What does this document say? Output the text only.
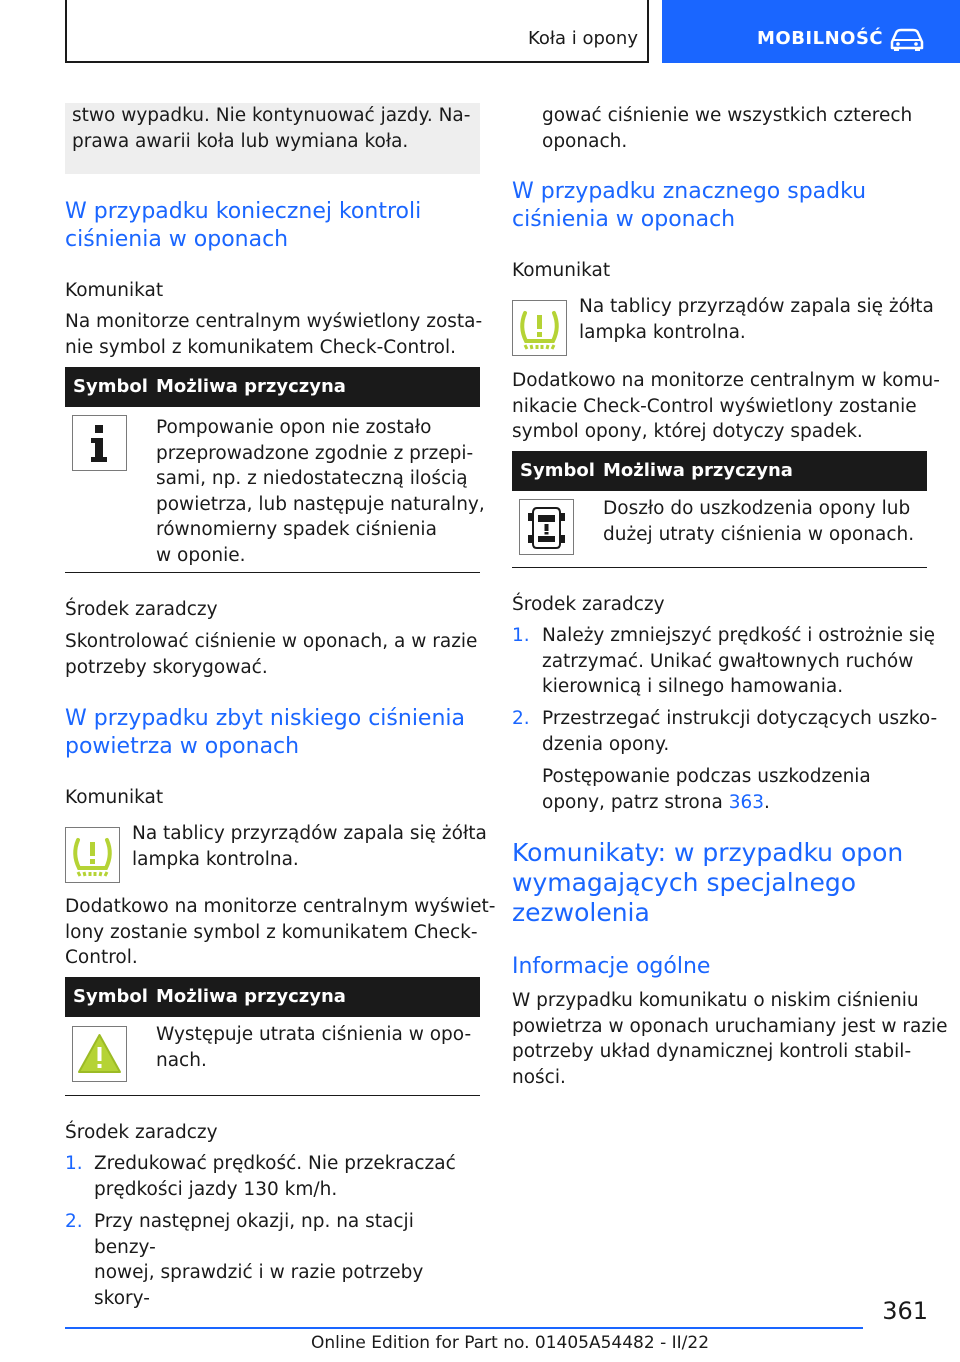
Koła i opony	MOBILNOŚĆ
stwo wypadku. Nie kontynuować jazdy. Na-
prawa awarii koła lub wymiana koła.
W przypadku koniecznej kontroli
ciśnienia w oponach
Komunikat
Na monitorze centralnym wyświetlony zosta-
nie symbol z komunikatem Check-Control.
Symbol Możliwa przyczyna
Pompowanie opon nie zostało
przeprowadzone zgodnie z przepi-
sami, np. z niedostateczną ilością
powietrza, lub następuje naturalny,
równomierny spadek ciśnienia
w oponie.
Środek zaradczy
Skontrolować ciśnienie w oponach, a w razie
potrzeby skorygować.
W przypadku zbyt niskiego ciśnienia
powietrza w oponach
Komunikat
Na tablicy przyrządów zapala się żółta
lampka kontrolna.
Dodatkowo na monitorze centralnym wyświet-
lony zostanie symbol z komunikatem Check-
Control.
Symbol Możliwa przyczyna
Występuje utrata ciśnienia w opo-
nach.
Środek zaradczy
1. Zredukować prędkość. Nie przekraczać
prędkości jazdy 130 km/h.
2. Przy następnej okazji, np. na stacji benzy-
nowej, sprawdzić i w razie potrzeby skory-
gować ciśnienie we wszystkich czterech
oponach.
W przypadku znacznego spadku
ciśnienia w oponach
Komunikat
Na tablicy przyrządów zapala się żółta
lampka kontrolna.
Dodatkowo na monitorze centralnym w komu-
nikacie Check-Control wyświetlony zostanie
symbol opony, której dotyczy spadek.
Symbol Możliwa przyczyna
Doszło do uszkodzenia opony lub
dużej utraty ciśnienia w oponach.
Środek zaradczy
1. Należy zmniejszyć prędkość i ostrożnie się
zatrzymać. Unikać gwałtownych ruchów
kierownicą i silnego hamowania.
2. Przestrzegać instrukcji dotyczących uszko-
dzenia opony.
Postępowanie podczas uszkodzenia
opony, patrz strona 363.
Komunikaty: w przypadku opon
wymagających specjalnego
zezwolenia
Informacje ogólne
W przypadku komunikatu o niskim ciśnieniu
powietrza w oponach uruchamiany jest w razie
potrzeby układ dynamicznej kontroli stabil-
ności.
361
Online Edition for Part no. 01405A54482 - II/22
